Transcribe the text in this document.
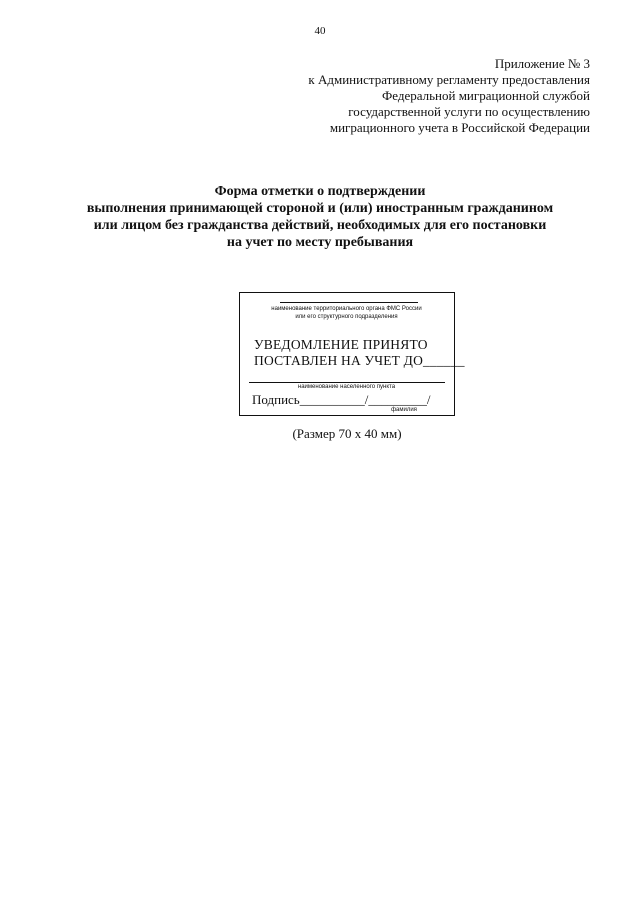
40
Приложение № 3
к Административному регламенту предоставления
Федеральной миграционной службой
государственной услуги по осуществлению
миграционного учета в Российской Федерации
Форма отметки о подтверждении
выполнения принимающей стороной и (или) иностранным гражданином
или лицом без гражданства действий, необходимых для его постановки
на учет по месту пребывания
наименование территориального органа ФМС России
или его структурного подразделения
УВЕДОМЛЕНИЕ ПРИНЯТО
ПОСТАВЛЕН НА УЧЕТ ДО______
наименование населенного пункта
Подпись__________/_________/
фамилия
(Размер 70 х 40 мм)
